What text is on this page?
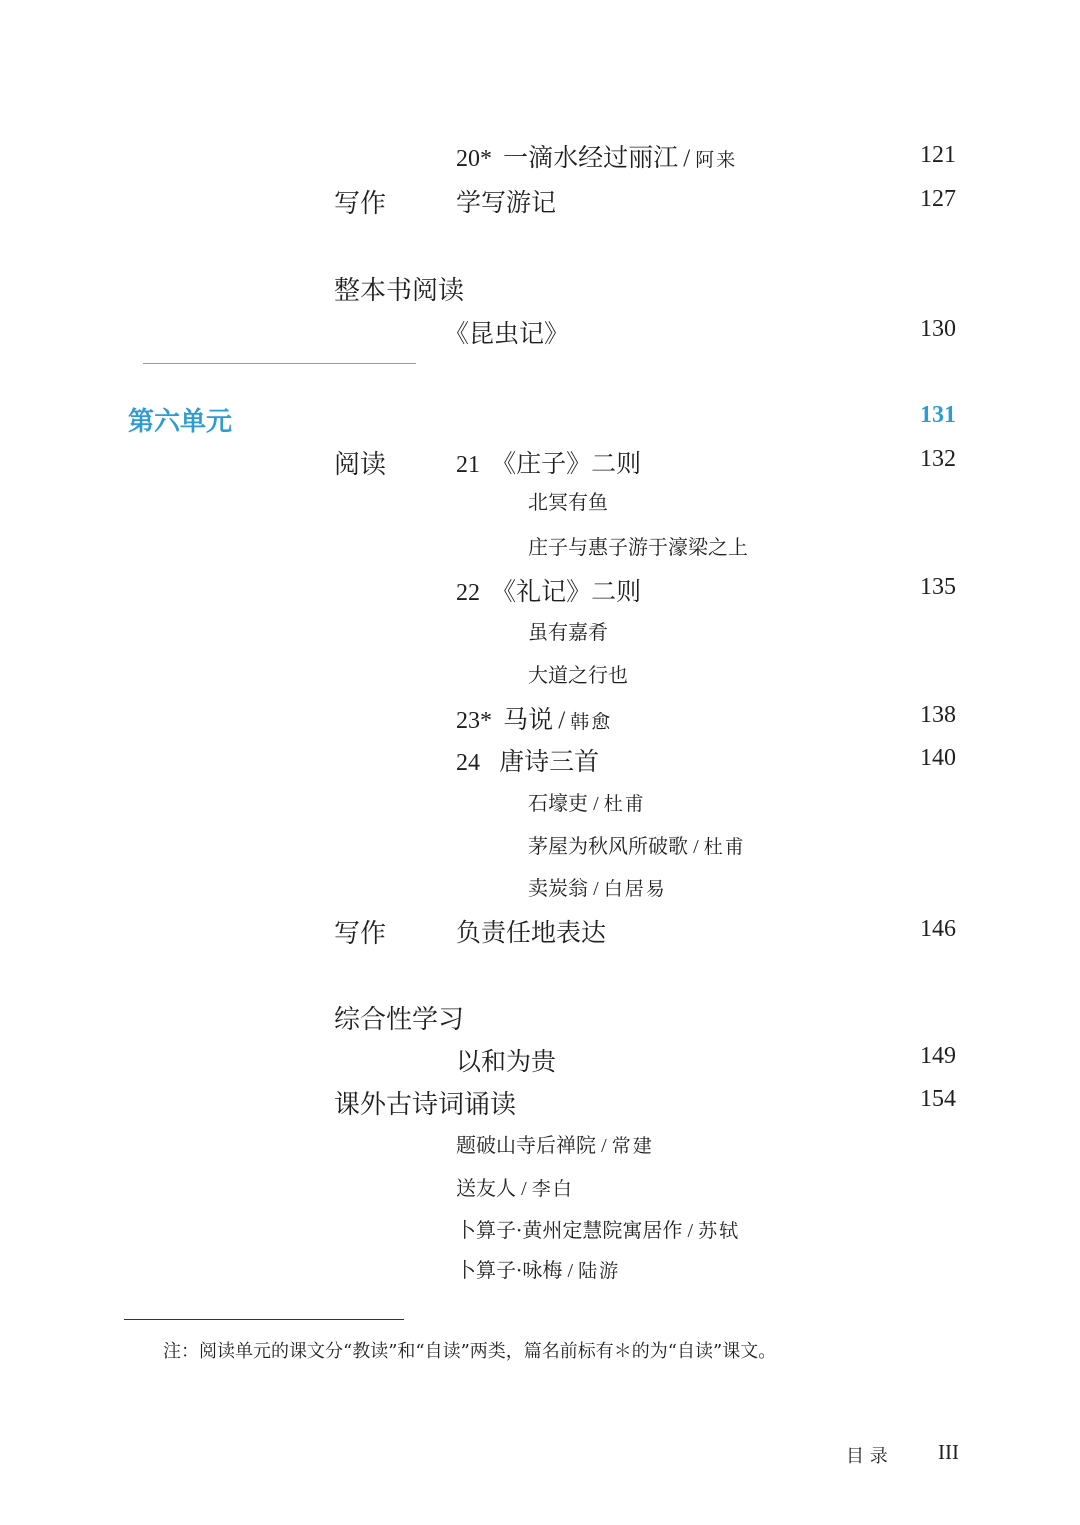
20* 一滴水经过丽江 / 阿来	121
写作	学写游记	127
整本书阅读
《昆虫记》	130
第六单元	131
阅读	21 《庄子》二则	132
北冥有鱼
庄子与惠子游于濠梁之上
22 《礼记》二则	135
虽有嘉肴
大道之行也
23* 马说 / 韩愈	138
24 唐诗三首	140
石壕吏 / 杜甫
茅屋为秋风所破歌 / 杜甫
卖炭翁 / 白居易
写作	负责任地表达	146
综合性学习
以和为贵	149
课外古诗词诵读	154
题破山寺后禅院 / 常建
送友人 / 李白
卜算子·黄州定慧院寓居作 / 苏轼
卜算子·咏梅 / 陆游
注：阅读单元的课文分“教读”和“自读”两类，篇名前标有＊的为“自读”课文。
目 录 III
